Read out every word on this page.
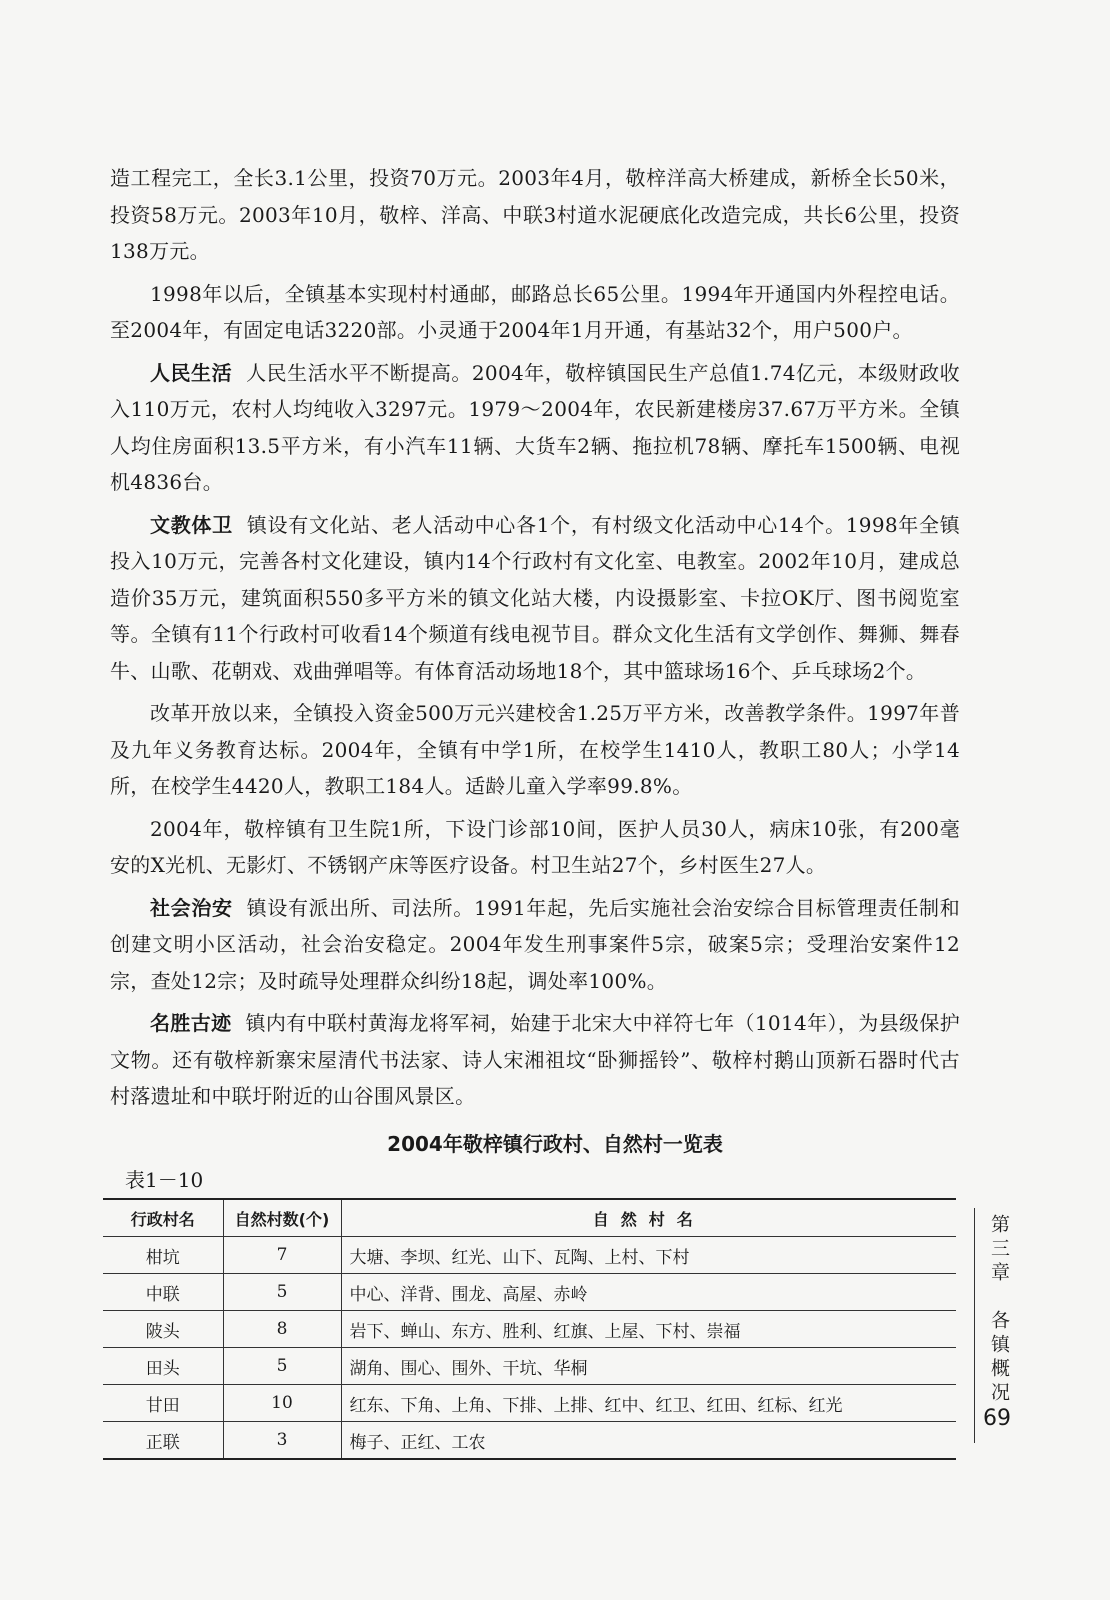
造工程完工，全长3.1公里，投资70万元。2003年4月，敬梓洋高大桥建成，新桥全长50米，投资58万元。2003年10月，敬梓、洋高、中联3村道水泥硬底化改造完成，共长6公里，投资138万元。

1998年以后，全镇基本实现村村通邮，邮路总长65公里。1994年开通国内外程控电话。至2004年，有固定电话3220部。小灵通于2004年1月开通，有基站32个，用户500户。

人民生活 人民生活水平不断提高。2004年，敬梓镇国民生产总值1.74亿元，本级财政收入110万元，农村人均纯收入3297元。1979～2004年，农民新建楼房37.67万平方米。全镇人均住房面积13.5平方米，有小汽车11辆、大货车2辆、拖拉机78辆、摩托车1500辆、电视机4836台。

文教体卫 镇设有文化站、老人活动中心各1个，有村级文化活动中心14个。1998年全镇投入10万元，完善各村文化建设，镇内14个行政村有文化室、电教室。2002年10月，建成总造价35万元，建筑面积550多平方米的镇文化站大楼，内设摄影室、卡拉OK厅、图书阅览室等。全镇有11个行政村可收看14个频道有线电视节目。群众文化生活有文学创作、舞狮、舞春牛、山歌、花朝戏、戏曲弹唱等。有体育活动场地18个，其中篮球场16个、乒乓球场2个。

改革开放以来，全镇投入资金500万元兴建校舍1.25万平方米，改善教学条件。1997年普及九年义务教育达标。2004年，全镇有中学1所，在校学生1410人，教职工80人；小学14所，在校学生4420人，教职工184人。适龄儿童入学率99.8%。

2004年，敬梓镇有卫生院1所，下设门诊部10间，医护人员30人，病床10张，有200毫安的X光机、无影灯、不锈钢产床等医疗设备。村卫生站27个，乡村医生27人。

社会治安 镇设有派出所、司法所。1991年起，先后实施社会治安综合目标管理责任制和创建文明小区活动，社会治安稳定。2004年发生刑事案件5宗，破案5宗；受理治安案件12宗，查处12宗；及时疏导处理群众纠纷18起，调处率100%。

名胜古迹 镇内有中联村黄海龙将军祠，始建于北宋大中祥符七年（1014年），为县级保护文物。还有敬梓新寨宋屋清代书法家、诗人宋湘祖坟“卧狮摇铃”、敬梓村鹅山顶新石器时代古村落遗址和中联圩附近的山谷围风景区。

2004年敬梓镇行政村、自然村一览表
表1－10
行政村名	自然村数(个)	自然村名
柑坑	7	大塘、李坝、红光、山下、瓦陶、上村、下村
中联	5	中心、洋背、围龙、高屋、赤岭
陂头	8	岩下、蝉山、东方、胜利、红旗、上屋、下村、崇福
田头	5	湖角、围心、围外、干坑、华桐
甘田	10	红东、下角、上角、下排、上排、红中、红卫、红田、红标、红光
正联	3	梅子、正红、工农
第三章　各镇概况
69
